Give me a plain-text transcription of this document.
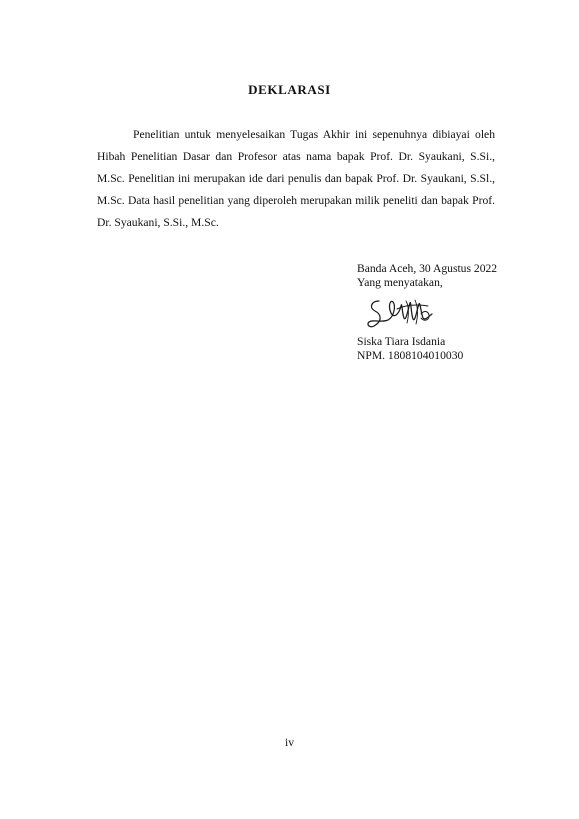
DEKLARASI

Penelitian untuk menyelesaikan Tugas Akhir ini sepenuhnya dibiayai oleh Hibah Penelitian Dasar dan Profesor atas nama bapak Prof. Dr. Syaukani, S.Si., M.Sc. Penelitian ini merupakan ide dari penulis dan bapak Prof. Dr. Syaukani, S.Sl., M.Sc. Data hasil penelitian yang diperoleh merupakan milik peneliti dan bapak Prof. Dr. Syaukani, S.Si., M.Sc.

Banda Aceh, 30 Agustus 2022
Yang menyatakan,
Siska Tiara Isdania
NPM. 1808104010030
iv
